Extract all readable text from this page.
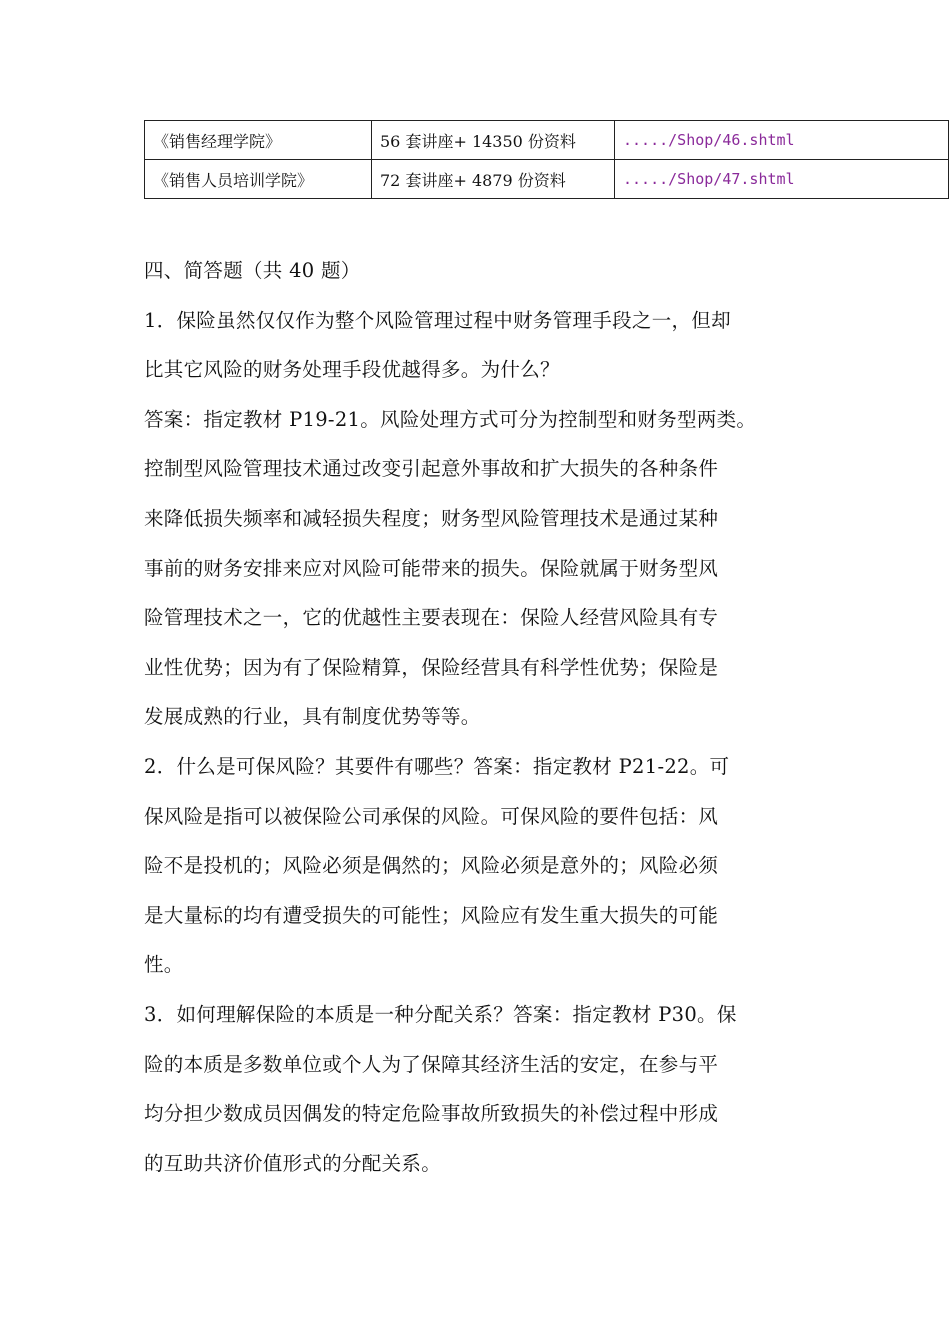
《销售经理学院》	56 套讲座+ 14350 份资料	...../Shop/46.shtml
《销售人员培训学院》	72 套讲座+ 4879 份资料	...../Shop/47.shtml

四、简答题（共 40 题）

1．保险虽然仅仅作为整个风险管理过程中财务管理手段之一，但却

比其它风险的财务处理手段优越得多。为什么？

答案：指定教材 P19-21。风险处理方式可分为控制型和财务型两类。

控制型风险管理技术通过改变引起意外事故和扩大损失的各种条件

来降低损失频率和减轻损失程度；财务型风险管理技术是通过某种

事前的财务安排来应对风险可能带来的损失。保险就属于财务型风

险管理技术之一，它的优越性主要表现在：保险人经营风险具有专

业性优势；因为有了保险精算，保险经营具有科学性优势；保险是

发展成熟的行业，具有制度优势等等。

2．什么是可保风险？其要件有哪些？答案：指定教材 P21-22。可

保风险是指可以被保险公司承保的风险。可保风险的要件包括：风

险不是投机的；风险必须是偶然的；风险必须是意外的；风险必须

是大量标的均有遭受损失的可能性；风险应有发生重大损失的可能

性。

3．如何理解保险的本质是一种分配关系？答案：指定教材 P30。保

险的本质是多数单位或个人为了保障其经济生活的安定，在参与平

均分担少数成员因偶发的特定危险事故所致损失的补偿过程中形成

的互助共济价值形式的分配关系。
